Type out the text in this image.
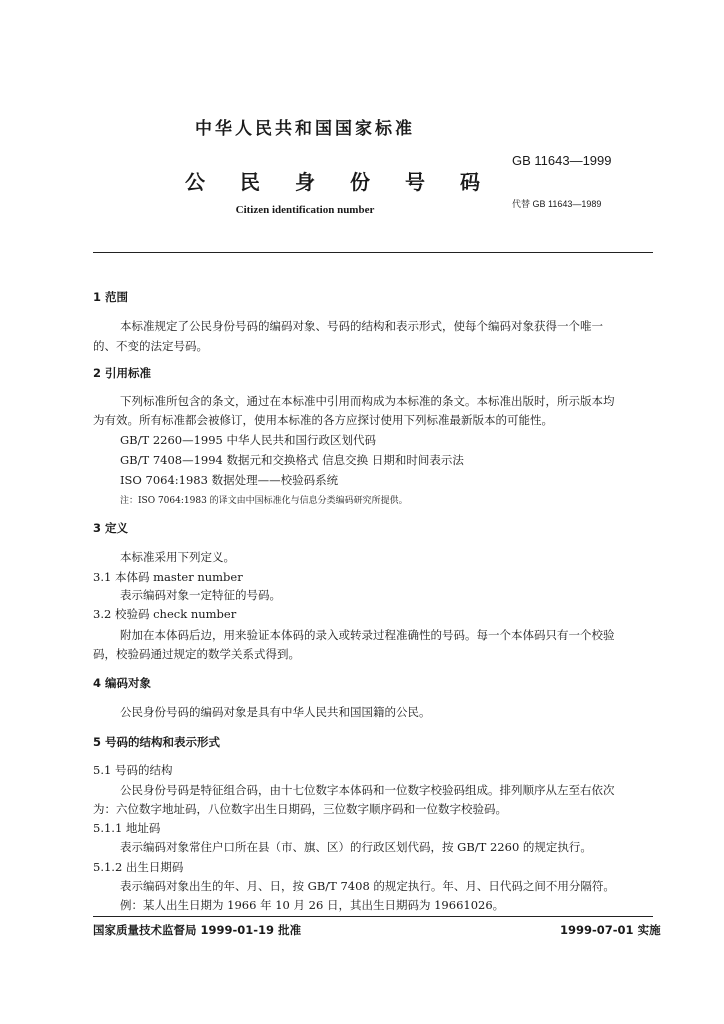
中华人民共和国国家标准
公民身份号码
Citizen identification number
GB 11643—1999
代替 GB 11643—1989
1 范围
本标准规定了公民身份号码的编码对象、号码的结构和表示形式，使每个编码对象获得一个唯一
的、不变的法定号码。
2 引用标准
下列标准所包含的条文，通过在本标准中引用而构成为本标准的条文。本标准出版时，所示版本均
为有效。所有标准都会被修订，使用本标准的各方应探讨使用下列标准最新版本的可能性。
GB/T 2260—1995 中华人民共和国行政区划代码
GB/T 7408—1994 数据元和交换格式 信息交换 日期和时间表示法
ISO 7064:1983 数据处理——校验码系统
注：ISO 7064:1983 的译文由中国标准化与信息分类编码研究所提供。
3 定义
本标准采用下列定义。
3.1 本体码 master number
表示编码对象一定特征的号码。
3.2 校验码 check number
附加在本体码后边，用来验证本体码的录入或转录过程准确性的号码。每一个本体码只有一个校验
码，校验码通过规定的数学关系式得到。
4 编码对象
公民身份号码的编码对象是具有中华人民共和国国籍的公民。
5 号码的结构和表示形式
5.1 号码的结构
公民身份号码是特征组合码，由十七位数字本体码和一位数字校验码组成。排列顺序从左至右依次
为：六位数字地址码，八位数字出生日期码，三位数字顺序码和一位数字校验码。
5.1.1 地址码
表示编码对象常住户口所在县（市、旗、区）的行政区划代码，按 GB/T 2260 的规定执行。
5.1.2 出生日期码
表示编码对象出生的年、月、日，按 GB/T 7408 的规定执行。年、月、日代码之间不用分隔符。
例：某人出生日期为 1966 年 10 月 26 日，其出生日期码为 19661026。
国家质量技术监督局 1999-01-19 批准	1999-07-01 实施
